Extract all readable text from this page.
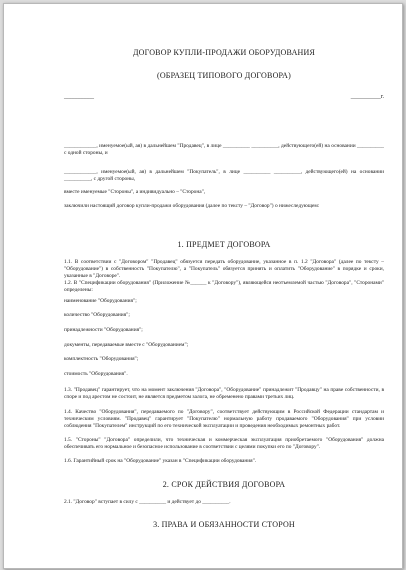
ДОГОВОР КУПЛИ-ПРОДАЖИ ОБОРУДОВАНИЯ
(ОБРАЗЕЦ ТИПОВОГО ДОГОВОРА)
__________	__________г.

____________, именуемое(ый, ая) в дальнейшем "Продавец", в лице __________ __________, действующего(ей) на основании __________ с одной стороны, и

____________, именуемое(ый, ая) в дальнейшем "Покупатель", в лице __________ __________, действующего(ей) на основании __________, с другой стороны,

вместе именуемые "Стороны", а индивидуально – "Сторона",

заключили настоящий договор купли-продажи оборудования (далее по тексту – "Договор") о нижеследующем:

1. ПРЕДМЕТ ДОГОВОРА

1.1. В соответствии с "Договором" "Продавец" обязуется передать оборудование, указанное в п. 1.2 "Договора" (далее по тексту – "Оборудование") в собственность "Покупателю", а "Покупатель" обязуется принять и оплатить "Оборудование" в порядке и сроки, указанные в "Договоре".

1.2. В "Спецификации оборудования" (Приложение №______ к "Договору"), являющейся неотъемлемой частью "Договора", "Сторонами" определены:

наименование "Оборудования";

количество "Оборудования";

принадлежности "Оборудования";

документы, передаваемые вместе с "Оборудованием";

комплектность "Оборудования";

стоимость "Оборудования".

1.3. "Продавец" гарантирует, что на момент заключения "Договора", "Оборудование" принадлежит "Продавцу" на праве собственности, в споре и под арестом не состоит, не является предметом залога, не обременено правами третьих лиц.

1.4. Качество "Оборудования", передаваемого по "Договору", соответствует действующим в Российской Федерации стандартам и техническим условиям. "Продавец" гарантирует "Покупателю" нормальную работу продаваемого "Оборудования" при условии соблюдения "Покупателем" инструкций по его технической эксплуатации и проведения необходимых ремонтных работ.

1.5. "Стороны" "Договора" определили, что техническая и коммерческая эксплуатация приобретаемого "Оборудования" должна обеспечивать его нормальное и безопасное использование в соответствии с целями покупки его по "Договору".

1.6. Гарантийный срок на "Оборудование" указан в "Спецификации оборудования".

2. СРОК ДЕЙСТВИЯ ДОГОВОРА

2.1. "Договор" вступает в силу с __________ и действует до __________.

3. ПРАВА И ОБЯЗАННОСТИ СТОРОН
